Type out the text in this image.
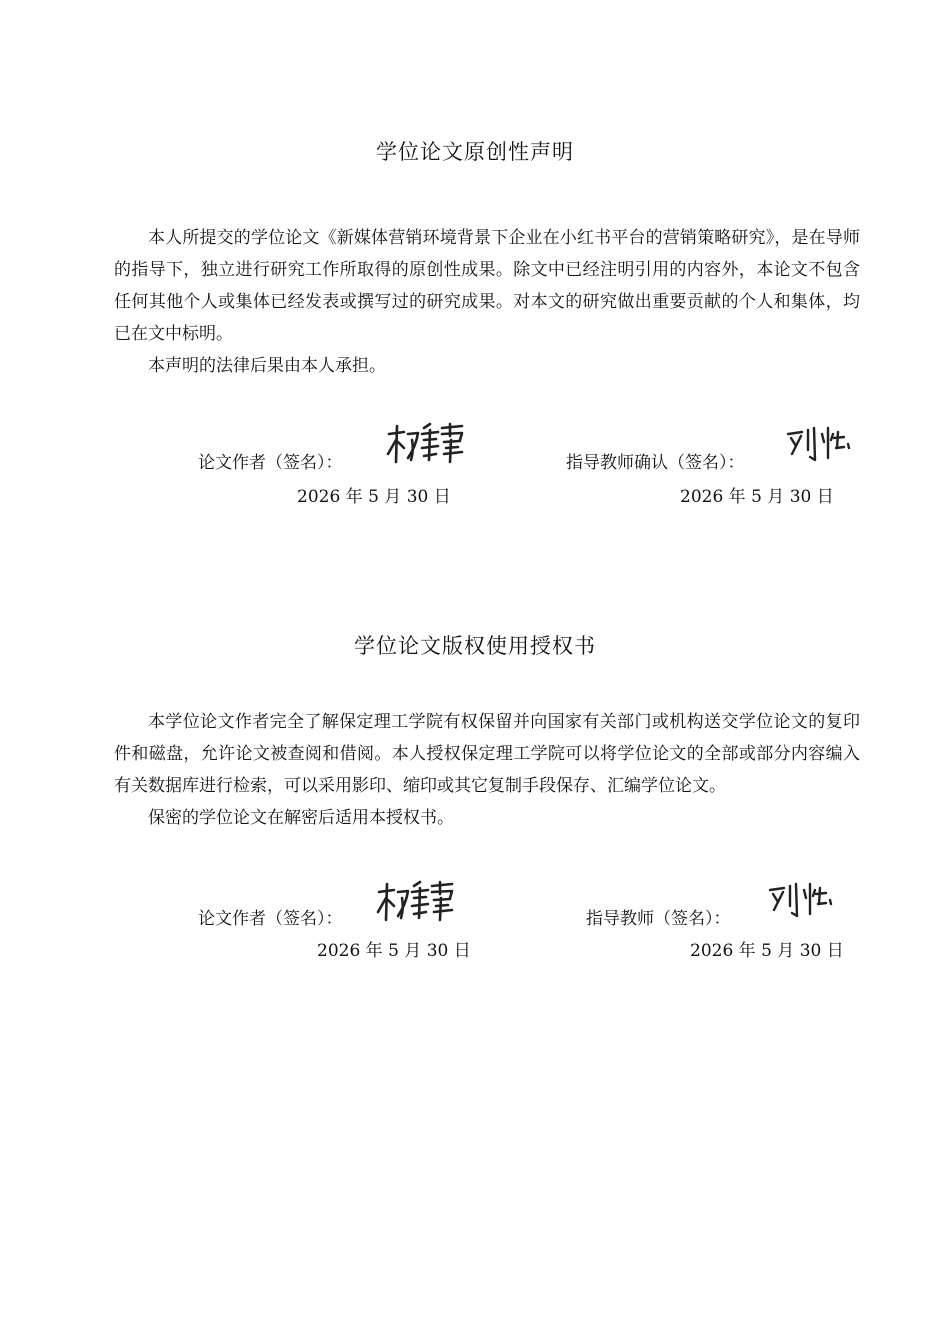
学位论文原创性声明

本人所提交的学位论文《新媒体营销环境背景下企业在小红书平台的营销策略研究》，是在导师的指导下，独立进行研究工作所取得的原创性成果。除文中已经注明引用的内容外，本论文不包含任何其他个人或集体已经发表或撰写过的研究成果。对本文的研究做出重要贡献的个人和集体，均已在文中标明。

本声明的法律后果由本人承担。

论文作者（签名）：
2026 年 5 月 30 日
指导教师确认（签名）：
2026 年 5 月 30 日
学位论文版权使用授权书

本学位论文作者完全了解保定理工学院有权保留并向国家有关部门或机构送交学位论文的复印件和磁盘，允许论文被查阅和借阅。本人授权保定理工学院可以将学位论文的全部或部分内容编入有关数据库进行检索，可以采用影印、缩印或其它复制手段保存、汇编学位论文。

保密的学位论文在解密后适用本授权书。

论文作者（签名）：
2026 年 5 月 30 日
指导教师（签名）：
2026 年 5 月 30 日
